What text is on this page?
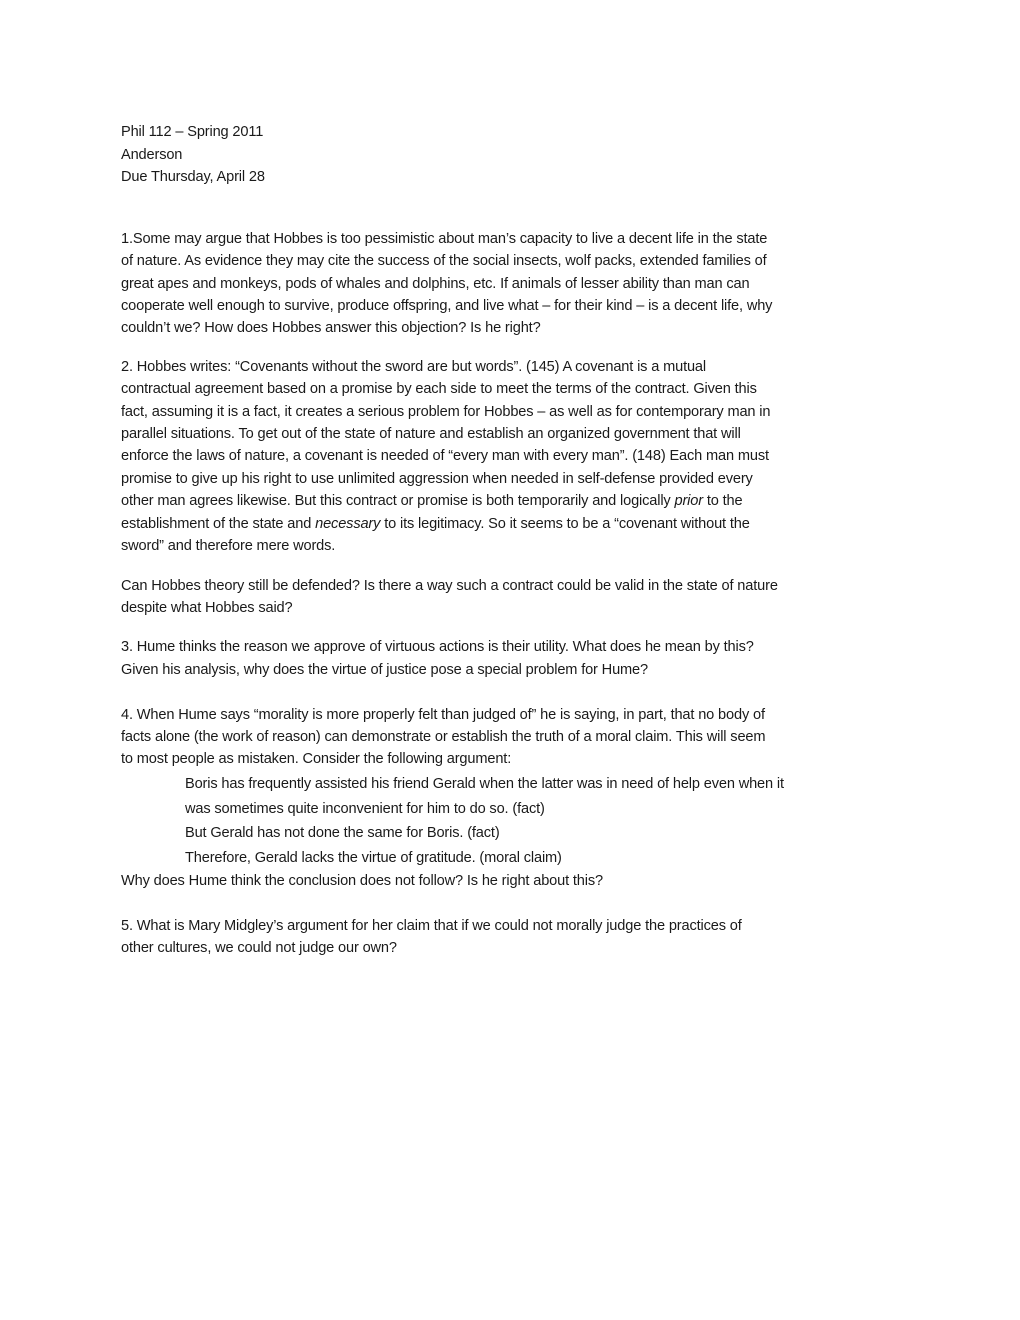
Phil 112 – Spring 2011
Anderson
Due Thursday, April 28
1.Some may argue that Hobbes is too pessimistic about man’s capacity to live a decent life in the state
of nature. As evidence they may cite the success of the social insects, wolf packs, extended families of
great apes and monkeys, pods of whales and dolphins, etc. If animals of lesser ability than man can
cooperate well enough to survive, produce offspring, and live what – for their kind – is a decent life, why
couldn’t we? How does Hobbes answer this objection? Is he right?
2. Hobbes writes: “Covenants without the sword are but words”. (145) A covenant is a mutual
contractual agreement based on a promise by each side to meet the terms of the contract. Given this
fact, assuming it is a fact, it creates a serious problem for Hobbes – as well as for contemporary man in
parallel situations. To get out of the state of nature and establish an organized government that will
enforce the laws of nature, a covenant is needed of “every man with every man”. (148) Each man must
promise to give up his right to use unlimited aggression when needed in self-defense provided every
other man agrees likewise. But this contract or promise is both temporarily and logically prior to the
establishment of the state and necessary to its legitimacy. So it seems to be a “covenant without the
sword” and therefore mere words.
Can Hobbes theory still be defended? Is there a way such a contract could be valid in the state of nature
despite what Hobbes said?
3. Hume thinks the reason we approve of virtuous actions is their utility. What does he mean by this?
Given his analysis, why does the virtue of justice pose a special problem for Hume?
4. When Hume says “morality is more properly felt than judged of” he is saying, in part, that no body of
facts alone (the work of reason) can demonstrate or establish the truth of a moral claim. This will seem
to most people as mistaken. Consider the following argument:
Boris has frequently assisted his friend Gerald when the latter was in need of help even when it
was sometimes quite inconvenient for him to do so. (fact)
But Gerald has not done the same for Boris. (fact)
Therefore, Gerald lacks the virtue of gratitude. (moral claim)
Why does Hume think the conclusion does not follow? Is he right about this?
5. What is Mary Midgley’s argument for her claim that if we could not morally judge the practices of
other cultures, we could not judge our own?
